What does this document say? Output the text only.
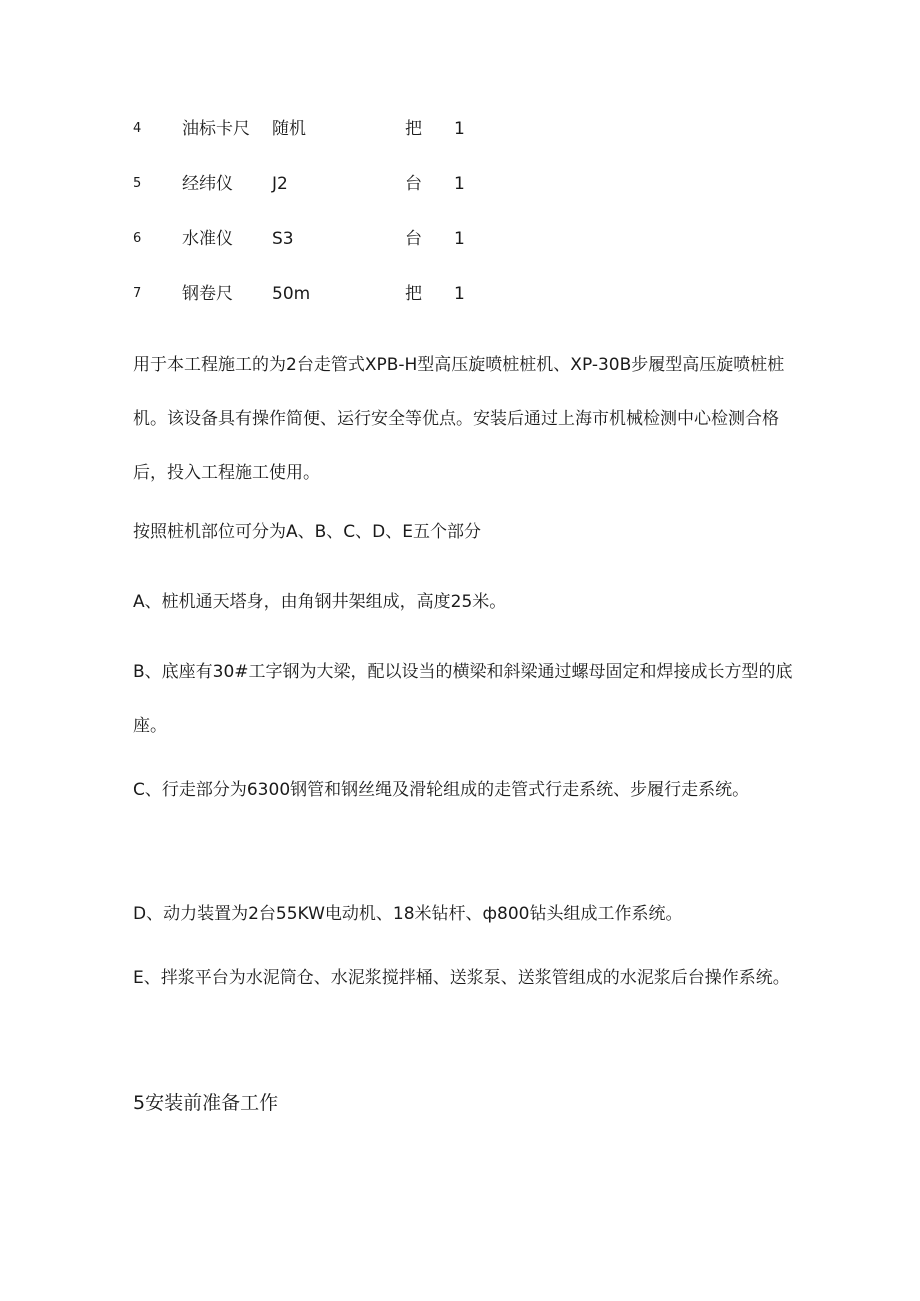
4 油标卡尺 随机	把 1
5 经纬仪 J2	台 1
6 水准仪 S3	台 1
7 钢卷尺 50m	把 1

用于本工程施工的为2台走管式XPB-H型高压旋喷桩桩机、XP-30B步履型高压旋喷桩桩机。该设备具有操作简便、运行安全等优点。安装后通过上海市机械检测中心检测合格后，投入工程施工使用。

按照桩机部位可分为A、B、C、D、E五个部分

A、桩机通天塔身，由角钢井架组成，高度25米。

B、底座有30#工字钢为大梁，配以设当的横梁和斜梁通过螺母固定和焊接成长方型的底座。

C、行走部分为6300钢管和钢丝绳及滑轮组成的走管式行走系统、步履行走系统。

D、动力装置为2台55KW电动机、18米钻杆、ф800钻头组成工作系统。

E、拌浆平台为水泥筒仓、水泥浆搅拌桶、送浆泵、送浆管组成的水泥浆后台操作系统。

5安装前准备工作
